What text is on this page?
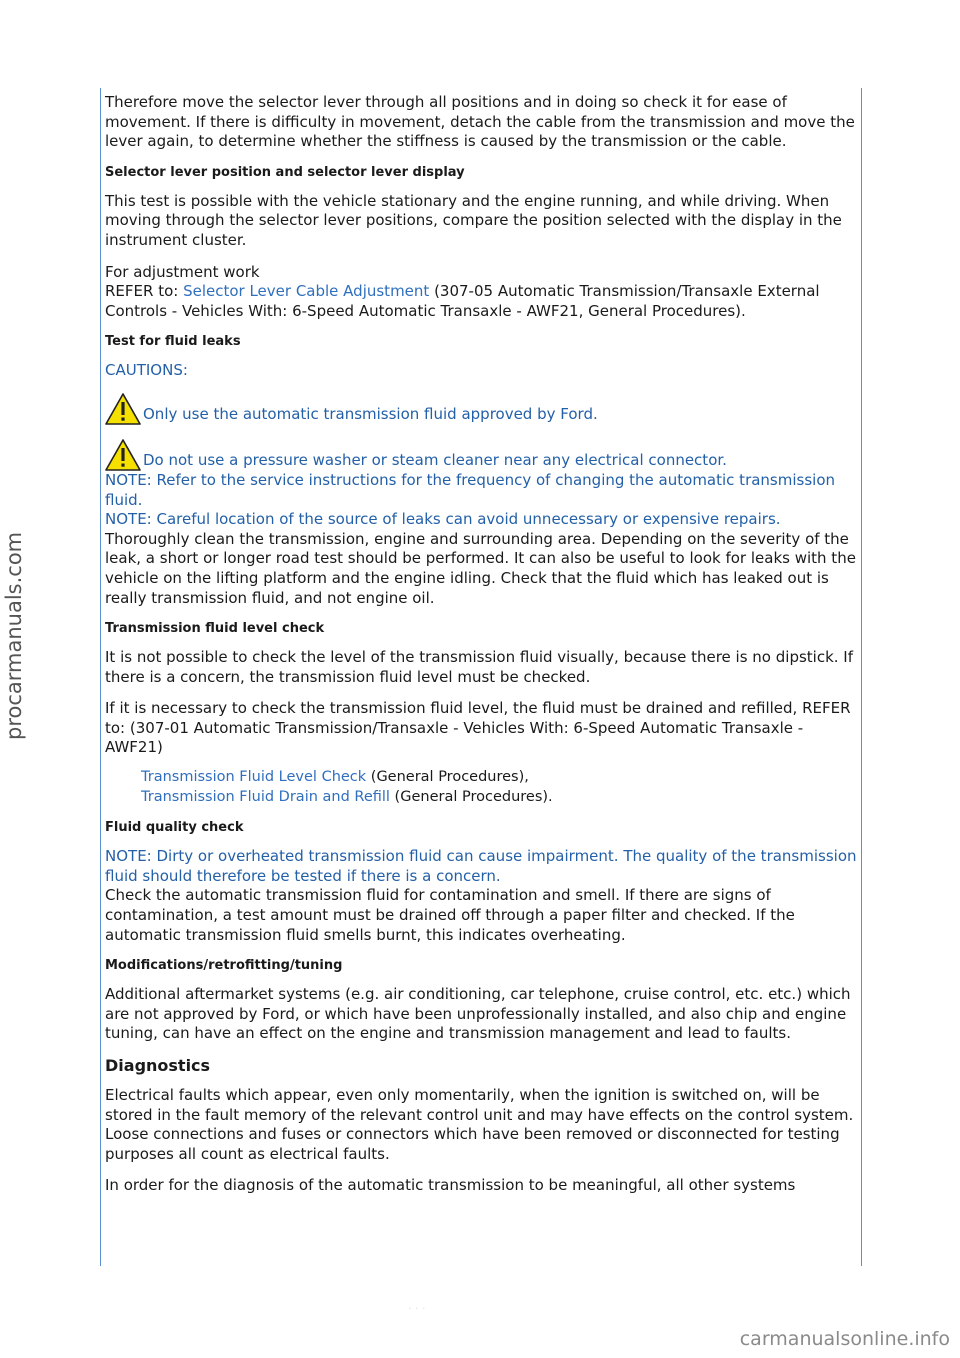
procarmanuals.com

Therefore move the selector lever through all positions and in doing so check it for ease of movement. If there is difficulty in movement, detach the cable from the transmission and move the lever again, to determine whether the stiffness is caused by the transmission or the cable.

Selector lever position and selector lever display

This test is possible with the vehicle stationary and the engine running, and while driving. When moving through the selector lever positions, compare the position selected with the display in the instrument cluster.

For adjustment work
REFER to: Selector Lever Cable Adjustment (307-05 Automatic Transmission/Transaxle External Controls - Vehicles With: 6-Speed Automatic Transaxle - AWF21, General Procedures).

Test for fluid leaks

CAUTIONS:

Only use the automatic transmission fluid approved by Ford.
Do not use a pressure washer or steam cleaner near any electrical connector.

NOTE: Refer to the service instructions for the frequency of changing the automatic transmission fluid.

NOTE: Careful location of the source of leaks can avoid unnecessary or expensive repairs.

Thoroughly clean the transmission, engine and surrounding area. Depending on the severity of the leak, a short or longer road test should be performed. It can also be useful to look for leaks with the vehicle on the lifting platform and the engine idling. Check that the fluid which has leaked out is really transmission fluid, and not engine oil.

Transmission fluid level check

It is not possible to check the level of the transmission fluid visually, because there is no dipstick. If there is a concern, the transmission fluid level must be checked.

If it is necessary to check the transmission fluid level, the fluid must be drained and refilled, REFER to: (307-01 Automatic Transmission/Transaxle - Vehicles With: 6-Speed Automatic Transaxle - AWF21)

Transmission Fluid Level Check (General Procedures),
Transmission Fluid Drain and Refill (General Procedures).
Fluid quality check

NOTE: Dirty or overheated transmission fluid can cause impairment. The quality of the transmission fluid should therefore be tested if there is a concern.

Check the automatic transmission fluid for contamination and smell. If there are signs of contamination, a test amount must be drained off through a paper filter and checked. If the automatic transmission fluid smells burnt, this indicates overheating.

Modifications/retrofitting/tuning

Additional aftermarket systems (e.g. air conditioning, car telephone, cruise control, etc. etc.) which are not approved by Ford, or which have been unprofessionally installed, and also chip and engine tuning, can have an effect on the engine and transmission management and lead to faults.

Diagnostics

Electrical faults which appear, even only momentarily, when the ignition is switched on, will be stored in the fault memory of the relevant control unit and may have effects on the control system. Loose connections and fuses or connectors which have been removed or disconnected for testing purposes all count as electrical faults.

In order for the diagnosis of the automatic transmission to be meaningful, all other systems

· · ·
carmanualsonline.info
